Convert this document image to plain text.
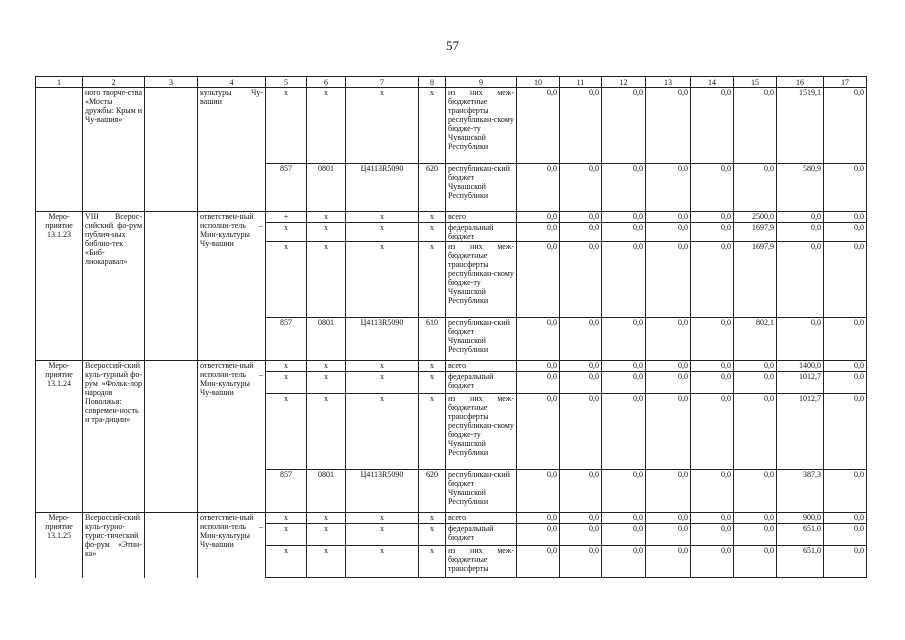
57
1	2	3	4	5	6	7	8	9	10	11	12	13	14	15	16	17
	ного творче-ства «Мосты дружбы: Крым и Чу-вашия»		культуры Чу-вашии	х	х	х	х	из них меж-бюджетные трансферты республикан-скому бюдже-ту Чувашской Республики	0,0	0,0	0,0	0,0	0,0	0,0	1519,1	0,0
				857	0801	Ц4113R5090	620	республикан-ский бюджет Чувашской Республики	0,0	0,0	0,0	0,0	0,0	0,0	580,9	0,0
Меро-приятие 13.1.23	VIII Всерос-сийский фо-рум публич-ных библио-тек «Биб-лиокаравал»		ответствен-ный исполни-тель – Мин-культуры Чу-вашии	+	х	х	х	всего	0,0	0,0	0,0	0,0	0,0	2500,0	0,0	0,0
				х	х	х	х	федеральный бюджет	0,0	0,0	0,0	0,0	0,0	1697,9	0,0	0,0
				х	х	х	х	из них меж-бюджетные трансферты республикан-скому бюдже-ту Чувашской Республики	0,0	0,0	0,0	0,0	0,0	1697,9	0,0	0,0
				857	0801	Ц4113R5090	610	республикан-ский бюджет Чувашской Республики	0,0	0,0	0,0	0,0	0,0	802,1	0,0	0,0
Меро-приятие 13.1.24	Всероссий-ский куль-турный фо-рум «Фольк-лор народов Поволжья: современ-ность и тра-диции»		ответствен-ный исполни-тель – Мин-культуры Чу-вашии	х	х	х	х	всего	0,0	0,0	0,0	0,0	0,0	0,0	1400,0	0,0
				х	х	х	х	федеральный бюджет	0,0	0,0	0,0	0,0	0,0	0,0	1012,7	0,0
				х	х	х	х	из них меж-бюджетные трансферты республикан-скому бюдже-ту Чувашской Республики	0,0	0,0	0,0	0,0	0,0	0,0	1012,7	0,0
				857	0801	Ц4113R5090	620	республикан-ский бюджет Чувашской Республики	0,0	0,0	0,0	0,0	0,0	0,0	387,3	0,0
Меро-приятие 13.1.25	Всероссий-ский куль-турно-турис-тический фо-рум «Этни-ка»		ответствен-ный исполни-тель – Мин-культуры Чу-вашии	х	х	х	х	всего	0,0	0,0	0,0	0,0	0,0	0,0	900,0	0,0
				х	х	х	х	федеральный бюджет	0,0	0,0	0,0	0,0	0,0	0,0	651,0	0,0
				х	х	х	х	из них меж-бюджетные трансферты	0,0	0,0	0,0	0,0	0,0	0,0	651,0	0,0
